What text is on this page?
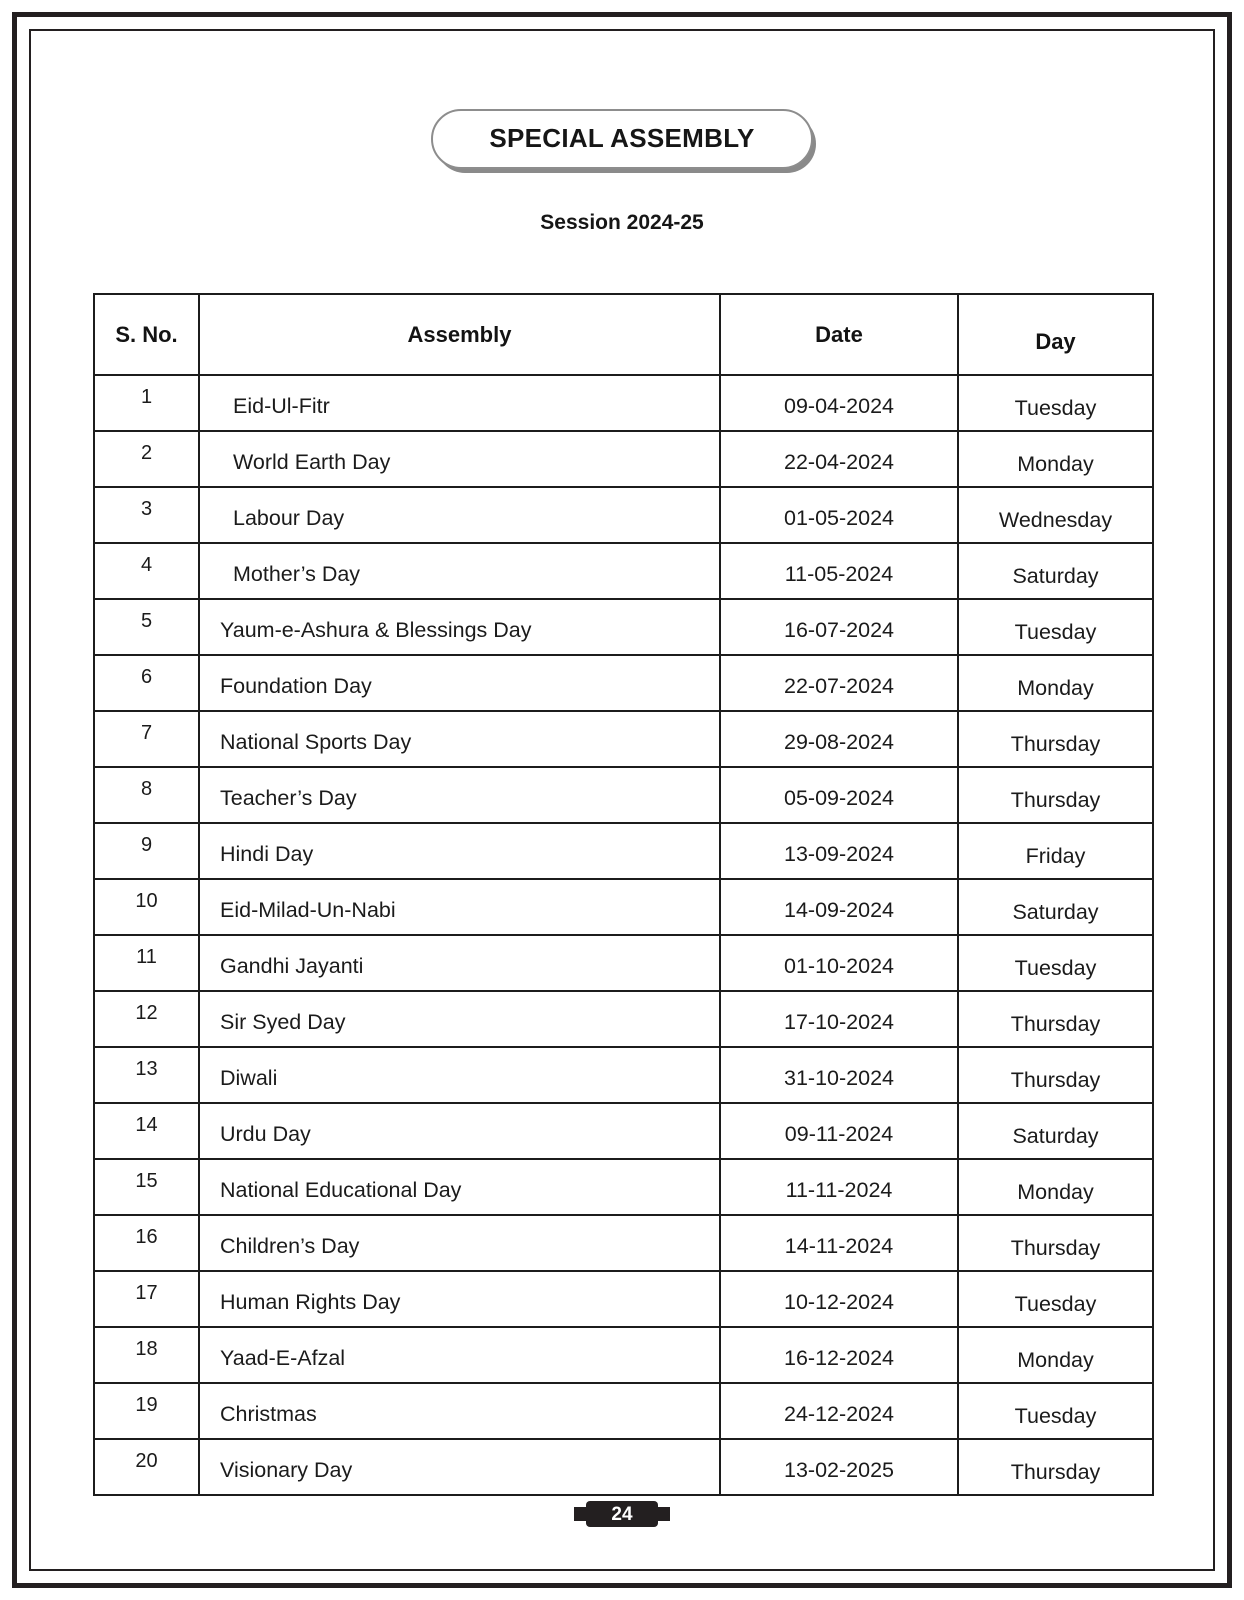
SPECIAL ASSEMBLY
Session 2024-25
S. No.	Assembly	Date	Day
1	Eid-Ul-Fitr	09-04-2024	Tuesday
2	World Earth Day	22-04-2024	Monday
3	Labour Day	01-05-2024	Wednesday
4	Mother’s Day	11-05-2024	Saturday
5	Yaum-e-Ashura & Blessings Day	16-07-2024	Tuesday
6	Foundation Day	22-07-2024	Monday
7	National Sports Day	29-08-2024	Thursday
8	Teacher’s Day	05-09-2024	Thursday
9	Hindi Day	13-09-2024	Friday
10	Eid-Milad-Un-Nabi	14-09-2024	Saturday
11	Gandhi Jayanti	01-10-2024	Tuesday
12	Sir Syed Day	17-10-2024	Thursday
13	Diwali	31-10-2024	Thursday
14	Urdu Day	09-11-2024	Saturday
15	National Educational Day	11-11-2024	Monday
16	Children’s Day	14-11-2024	Thursday
17	Human Rights Day	10-12-2024	Tuesday
18	Yaad-E-Afzal	16-12-2024	Monday
19	Christmas	24-12-2024	Tuesday
20	Visionary Day	13-02-2025	Thursday
24
